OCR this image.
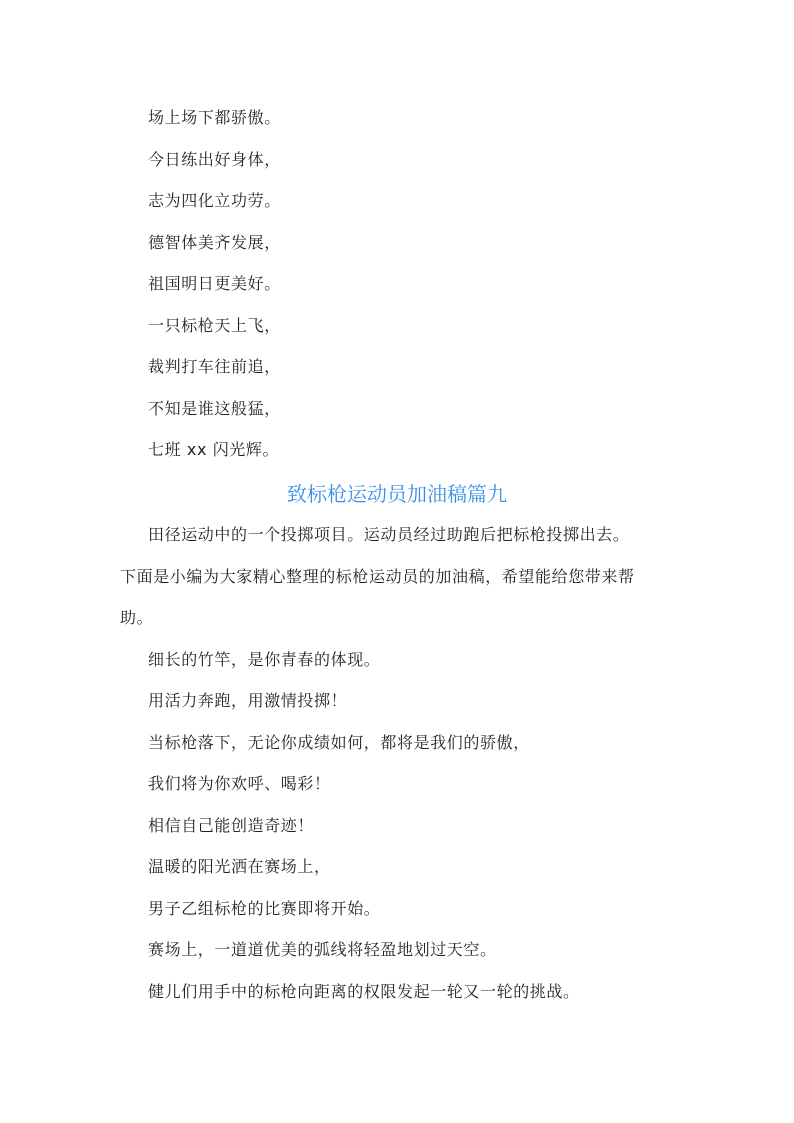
场上场下都骄傲。
今日练出好身体，
志为四化立功劳。
德智体美齐发展，
祖国明日更美好。
一只标枪天上飞，
裁判打车往前追，
不知是谁这般猛，
七班 xx 闪光辉。
致标枪运动员加油稿篇九
田径运动中的一个投掷项目。运动员经过助跑后把标枪投掷出去。
下面是小编为大家精心整理的标枪运动员的加油稿，希望能给您带来帮
助。
细长的竹竿，是你青春的体现。
用活力奔跑，用激情投掷！
当标枪落下，无论你成绩如何，都将是我们的骄傲，
我们将为你欢呼、喝彩！
相信自己能创造奇迹！
温暖的阳光洒在赛场上，
男子乙组标枪的比赛即将开始。
赛场上，一道道优美的弧线将轻盈地划过天空。
健儿们用手中的标枪向距离的权限发起一轮又一轮的挑战。
